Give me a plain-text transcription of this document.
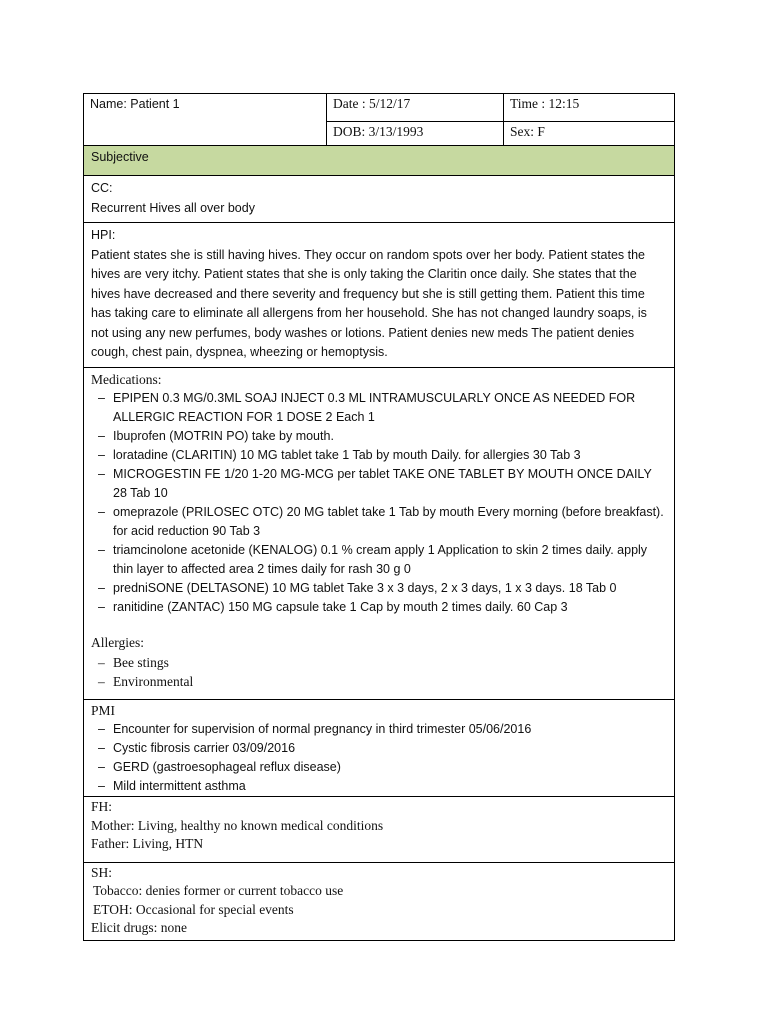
Name: Patient 1	Date : 5/12/17	Time : 12:15
DOB: 3/13/1993	Sex: F
Subjective

CC:

Recurrent Hives all over body

HPI:

Patient states she is still having hives. They occur on random spots over her body. Patient states the hives are very itchy. Patient states that she is only taking the Claritin once daily. She states that the hives have decreased and there severity and frequency but she is still getting them. Patient this time has taking care to eliminate all allergens from her household. She has not changed laundry soaps, is not using any new perfumes, body washes or lotions. Patient denies new meds The patient denies cough, chest pain, dyspnea, wheezing or hemoptysis.

Medications:

– EPIPEN 0.3 MG/0.3ML SOAJ INJECT 0.3 ML INTRAMUSCULARLY ONCE AS NEEDED FOR ALLERGIC REACTION FOR 1 DOSE 2 Each 1
– Ibuprofen (MOTRIN PO) take by mouth.
– loratadine (CLARITIN) 10 MG tablet take 1 Tab by mouth Daily. for allergies 30 Tab 3
– MICROGESTIN FE 1/20 1-20 MG-MCG per tablet TAKE ONE TABLET BY MOUTH ONCE DAILY 28 Tab 10
– omeprazole (PRILOSEC OTC) 20 MG tablet take 1 Tab by mouth Every morning (before breakfast). for acid reduction 90 Tab 3
– triamcinolone acetonide (KENALOG) 0.1 % cream apply 1 Application to skin 2 times daily. apply thin layer to affected area 2 times daily for rash 30 g 0
– predniSONE (DELTASONE) 10 MG tablet Take 3 x 3 days, 2 x 3 days, 1 x 3 days. 18 Tab 0
– ranitidine (ZANTAC) 150 MG capsule take 1 Cap by mouth 2 times daily. 60 Cap 3

Allergies:

– Bee stings
– Environmental

PMI

– Encounter for supervision of normal pregnancy in third trimester 05/06/2016
– Cystic fibrosis carrier 03/09/2016
– GERD (gastroesophageal reflux disease)
– Mild intermittent asthma

FH:

Mother: Living, healthy no known medical conditions

Father: Living, HTN

SH:

Tobacco: denies former or current tobacco use

ETOH: Occasional for special events

Elicit drugs: none
